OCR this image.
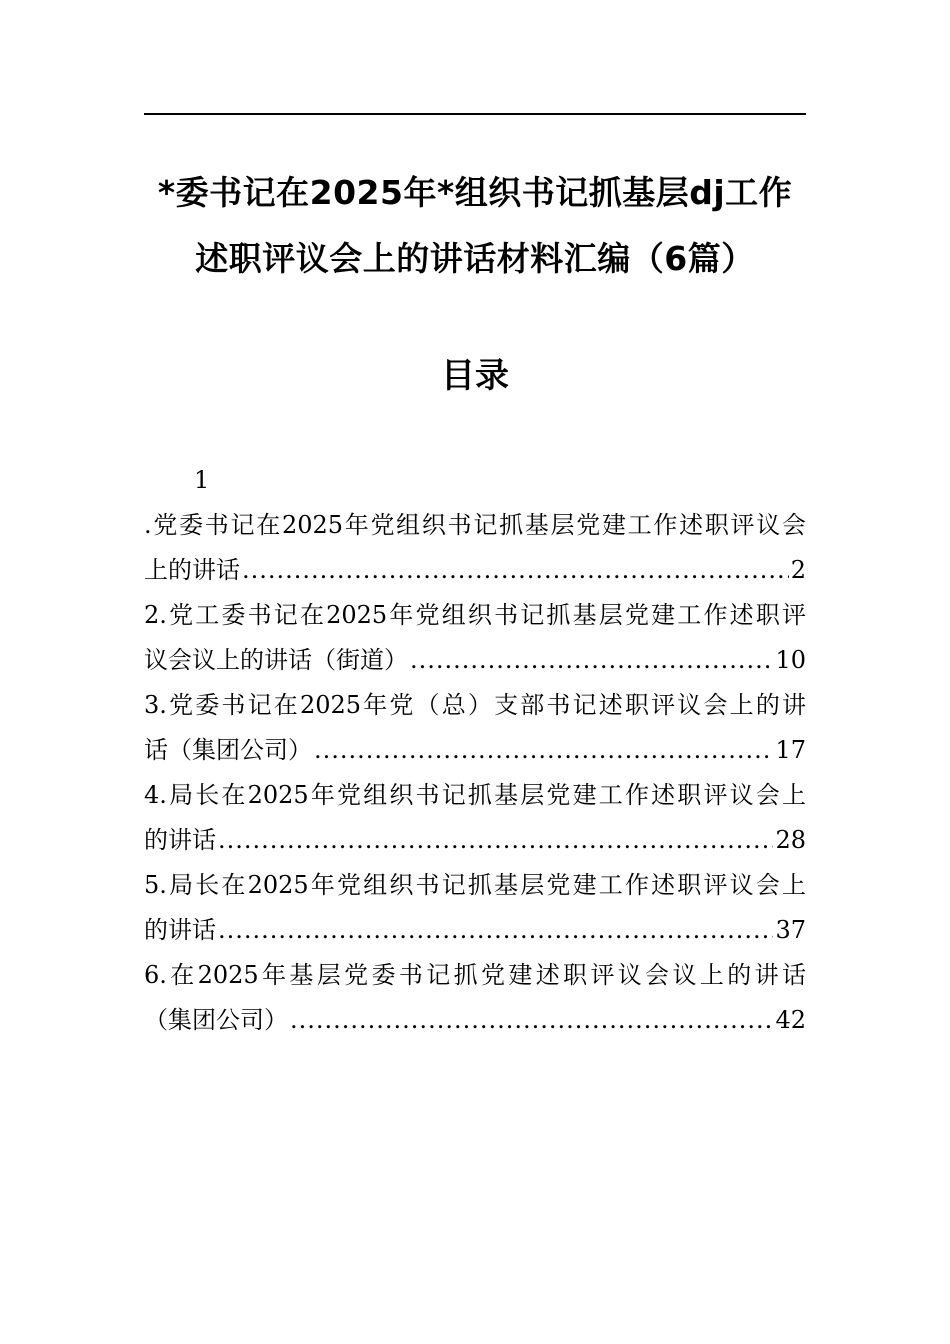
*委书记在2025年*组织书记抓基层dj工作
述职评议会上的讲话材料汇编（6篇）
目录
1
.党委书记在2025年党组织书记抓基层党建工作述职评议会
上的讲话 .....	2
2.党工委书记在2025年党组织书记抓基层党建工作述职评
议会议上的讲话（街道） .....	10
3.党委书记在2025年党（总）支部书记述职评议会上的讲
话（集团公司） .....	17
4.局长在2025年党组织书记抓基层党建工作述职评议会上
的讲话 .....	28
5.局长在2025年党组织书记抓基层党建工作述职评议会上
的讲话 .....	37
6.在2025年基层党委书记抓党建述职评议会议上的讲话
（集团公司） .....	42
